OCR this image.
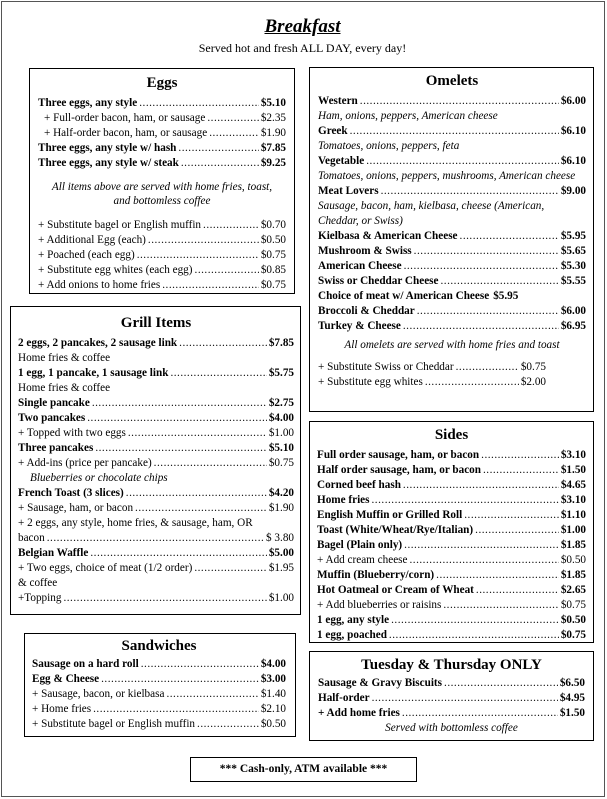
Breakfast
Served hot and fresh ALL DAY, every day!
Eggs
Three eggs, any style .....	$5.10
+ Full-order bacon, ham, or sausage .....	$2.35
+ Half-order bacon, ham, or sausage .....	$1.90
Three eggs, any style w/ hash .....	$7.85
Three eggs, any style w/ steak .....	$9.25
All items above are served with home fries, toast, and bottomless coffee
+ Substitute bagel or English muffin .....	$0.70
+ Additional Egg (each) .....	$0.50
+ Poached (each egg) .....	$0.75
+ Substitute egg whites (each egg) .....	$0.85
+ Add onions to home fries .....	$0.75
Omelets
Western .....	$6.00
Ham, onions, peppers, American cheese
Greek .....	$6.10
Tomatoes, onions, peppers, feta
Vegetable .....	$6.10
Tomatoes, onions, peppers, mushrooms, American cheese
Meat Lovers .....	$9.00
Sausage, bacon, ham, kielbasa, cheese (American, Cheddar, or Swiss)
Kielbasa & American Cheese .....	$5.95
Mushroom & Swiss .....	$5.65
American Cheese .....	$5.30
Swiss or Cheddar Cheese .....	$5.55
Choice of meat w/ American Cheese $5.95
Broccoli & Cheddar .....	$6.00
Turkey & Cheese .....	$6.95
All omelets are served with home fries and toast
+ Substitute Swiss or Cheddar .....	$0.75
+ Substitute egg whites .....	$2.00
Grill Items
2 eggs, 2 pancakes, 2 sausage link .....	$7.85
Home fries & coffee
1 egg, 1 pancake, 1 sausage link .....	$5.75
Home fries & coffee
Single pancake .....	$2.75
Two pancakes .....	$4.00
+ Topped with two eggs .....	$1.00
Three pancakes .....	$5.10
+ Add-ins (price per pancake) .....	$0.75
Blueberries or chocolate chips
French Toast (3 slices) .....	$4.20
+ Sausage, ham, or bacon .....	$1.90
+ 2 eggs, any style, home fries, & sausage, ham, OR
bacon .....	$ 3.80
Belgian Waffle .....	$5.00
+ Two eggs, choice of meat (1/2 order) .....	$1.95
& coffee
+Topping .....	$1.00
Sides
Full order sausage, ham, or bacon .....	$3.10
Half order sausage, ham, or bacon .....	$1.50
Corned beef hash .....	$4.65
Home fries .....	$3.10
English Muffin or Grilled Roll .....	$1.10
Toast (White/Wheat/Rye/Italian) .....	$1.00
Bagel (Plain only) .....	$1.85
+ Add cream cheese .....	$0.50
Muffin (Blueberry/corn) .....	$1.85
Hot Oatmeal or Cream of Wheat .....	$2.65
+ Add blueberries or raisins .....	$0.75
1 egg, any style .....	$0.50
1 egg, poached .....	$0.75
Sandwiches
Sausage on a hard roll .....	$4.00
Egg & Cheese .....	$3.00
+ Sausage, bacon, or kielbasa .....	$1.40
+ Home fries .....	$2.10
+ Substitute bagel or English muffin .....	$0.50
Tuesday & Thursday ONLY
Sausage & Gravy Biscuits .....	$6.50
Half-order .....	$4.95
+ Add home fries .....	$1.50
Served with bottomless coffee
*** Cash-only, ATM available ***
